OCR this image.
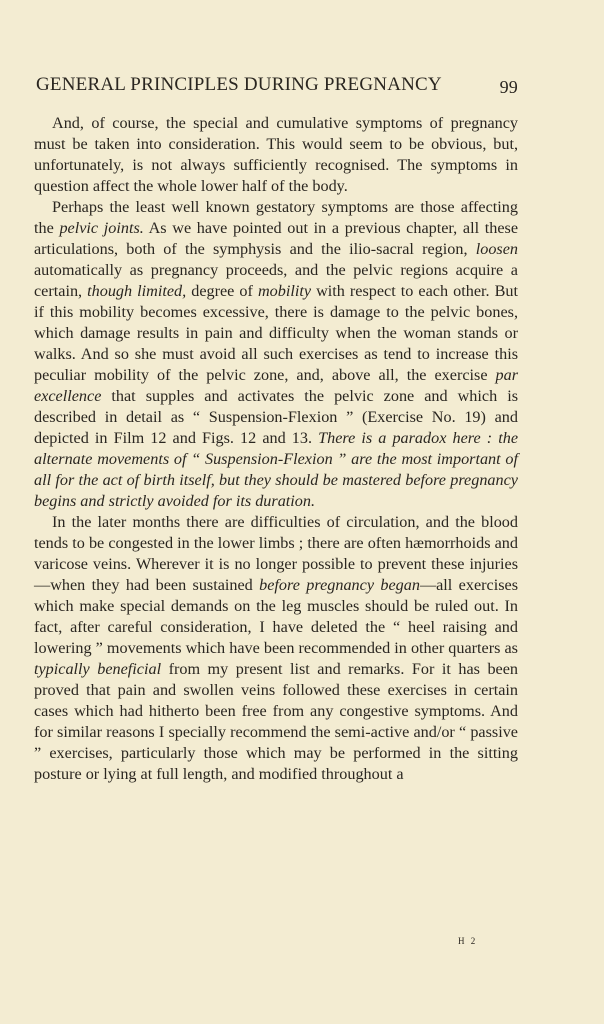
GENERAL PRINCIPLES DURING PREGNANCY	99

And, of course, the special and cumulative symptoms of pregnancy must be taken into consideration. This would seem to be obvious, but, unfortunately, is not always sufficiently recognised. The symptoms in question affect the whole lower half of the body.

Perhaps the least well known gestatory symptoms are those affecting the pelvic joints. As we have pointed out in a previous chapter, all these articulations, both of the symphysis and the ilio-sacral region, loosen automatically as pregnancy proceeds, and the pelvic regions acquire a certain, though limited, degree of mobility with respect to each other. But if this mobility becomes excessive, there is damage to the pelvic bones, which damage results in pain and difficulty when the woman stands or walks. And so she must avoid all such exercises as tend to increase this peculiar mobility of the pelvic zone, and, above all, the exercise par excellence that supples and activates the pelvic zone and which is described in detail as “ Suspension-Flexion ” (Exercise No. 19) and depicted in Film 12 and Figs. 12 and 13. There is a paradox here : the alternate movements of “ Suspension-Flexion ” are the most important of all for the act of birth itself, but they should be mastered before pregnancy begins and strictly avoided for its duration.

In the later months there are difficulties of circulation, and the blood tends to be congested in the lower limbs ; there are often hæmorrhoids and varicose veins. Wherever it is no longer possible to prevent these injuries—when they had been sustained before pregnancy began—all exercises which make special demands on the leg muscles should be ruled out. In fact, after careful consideration, I have deleted the “ heel raising and lowering ” movements which have been recommended in other quarters as typically beneficial from my present list and remarks. For it has been proved that pain and swollen veins followed these exercises in certain cases which had hitherto been free from any congestive symptoms. And for similar reasons I specially recommend the semi-active and/or “ passive ” exercises, particularly those which may be performed in the sitting posture or lying at full length, and modified throughout a

H 2
